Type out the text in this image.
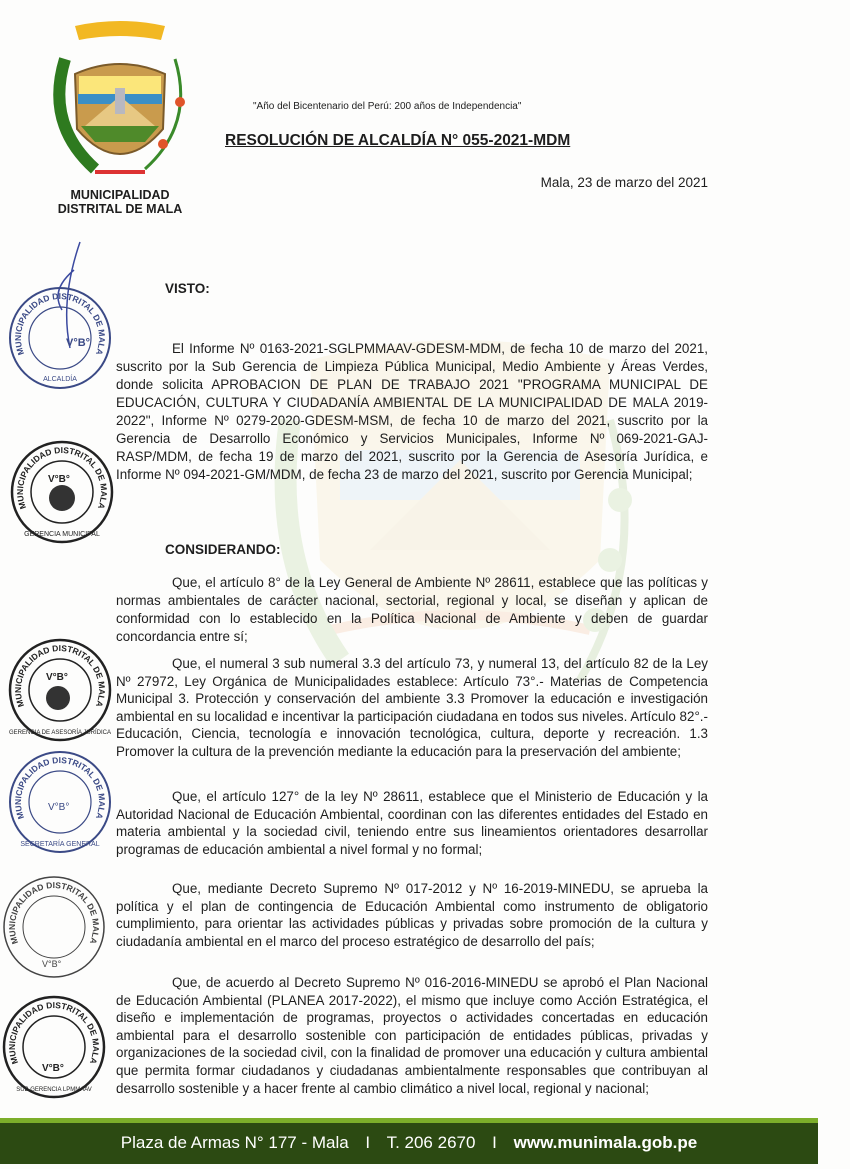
MUNICIPALIDAD
DISTRITAL DE MALA
"Año del Bicentenario del Perú: 200 años de Independencia"
RESOLUCIÓN DE ALCALDÍA N° 055-2021-MDM
Mala, 23 de marzo del 2021
MUNICIPALIDAD DISTRITAL DE MALA
V°B°
ALCALDÍA
MUNICIPALIDAD DISTRITAL DE MALA
V°B°
GERENCIA MUNICIPAL
MUNICIPALIDAD DISTRITAL DE MALA
V°B°
GERENCIA DE ASESORÍA JURÍDICA
MUNICIPALIDAD DISTRITAL DE MALA
V°B°
SECRETARÍA GENERAL
MUNICIPALIDAD DISTRITAL DE MALA
V°B°
MUNICIPALIDAD DISTRITAL DE MALA
V°B°
SUB GERENCIA LPMMAAV
VISTO:
El Informe Nº 0163-2021-SGLPMMAAV-GDESM-MDM, de fecha 10 de marzo del 2021, suscrito por la Sub Gerencia de Limpieza Pública Municipal, Medio Ambiente y Áreas Verdes, donde solicita APROBACION DE PLAN DE TRABAJO 2021 "PROGRAMA MUNICIPAL DE EDUCACIÓN, CULTURA Y CIUDADANÍA AMBIENTAL DE LA MUNICIPALIDAD DE MALA 2019-2022", Informe Nº 0279-2020-GDESM-MSM, de fecha 10 de marzo del 2021, suscrito por la Gerencia de Desarrollo Económico y Servicios Municipales, Informe Nº 069-2021-GAJ-RASP/MDM, de fecha 19 de marzo del 2021, suscrito por la Gerencia de Asesoría Jurídica, e Informe Nº 094-2021-GM/MDM, de fecha 23 de marzo del 2021, suscrito por Gerencia Municipal;
CONSIDERANDO:
Que, el artículo 8° de la Ley General de Ambiente Nº 28611, establece que las políticas y normas ambientales de carácter nacional, sectorial, regional y local, se diseñan y aplican de conformidad con lo establecido en la Política Nacional de Ambiente y deben de guardar concordancia entre sí;
Que, el numeral 3 sub numeral 3.3 del artículo 73, y numeral 13, del artículo 82 de la Ley Nº 27972, Ley Orgánica de Municipalidades establece: Artículo 73°.- Materias de Competencia Municipal 3. Protección y conservación del ambiente 3.3 Promover la educación e investigación ambiental en su localidad e incentivar la participación ciudadana en todos sus niveles. Artículo 82°.- Educación, Ciencia, tecnología e innovación tecnológica, cultura, deporte y recreación. 1.3 Promover la cultura de la prevención mediante la educación para la preservación del ambiente;
Que, el artículo 127° de la ley Nº 28611, establece que el Ministerio de Educación y la Autoridad Nacional de Educación Ambiental, coordinan con las diferentes entidades del Estado en materia ambiental y la sociedad civil, teniendo entre sus lineamientos orientadores desarrollar programas de educación ambiental a nivel formal y no formal;
Que, mediante Decreto Supremo Nº 017-2012 y Nº 16-2019-MINEDU, se aprueba la política y el plan de contingencia de Educación Ambiental como instrumento de obligatorio cumplimiento, para orientar las actividades públicas y privadas sobre promoción de la cultura y ciudadanía ambiental en el marco del proceso estratégico de desarrollo del país;
Que, de acuerdo al Decreto Supremo Nº 016-2016-MINEDU se aprobó el Plan Nacional de Educación Ambiental (PLANEA 2017-2022), el mismo que incluye como Acción Estratégica, el diseño e implementación de programas, proyectos o actividades concertadas en educación ambiental para el desarrollo sostenible con participación de entidades públicas, privadas y organizaciones de la sociedad civil, con la finalidad de promover una educación y cultura ambiental que permita formar ciudadanos y ciudadanas ambientalmente responsables que contribuyan al desarrollo sostenible y a hacer frente al cambio climático a nivel local, regional y nacional;
Plaza de Armas N° 177 - Mala I T. 206 2670 I www.munimala.gob.pe
